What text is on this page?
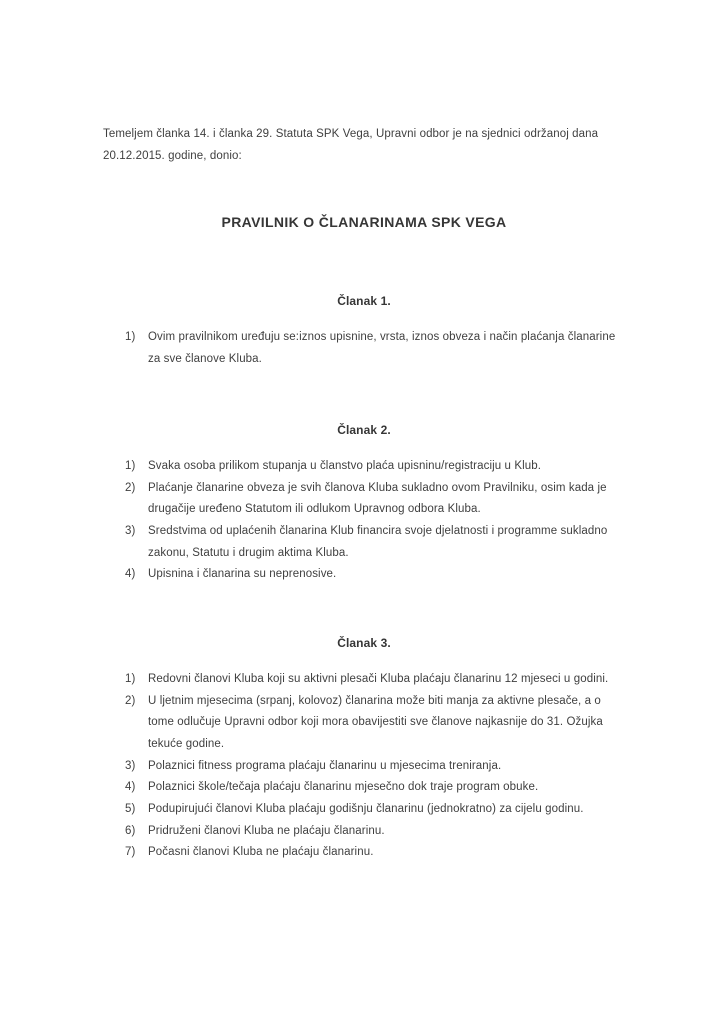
Temeljem članka 14. i članka 29. Statuta SPK Vega, Upravni odbor je na sjednici održanoj dana 20.12.2015. godine, donio:

PRAVILNIK O ČLANARINAMA SPK VEGA
Članak 1.
1)	Ovim pravilnikom uređuju se:iznos upisnine, vrsta, iznos obveza i način plaćanja članarine za sve članove Kluba.
Članak 2.
1)	Svaka osoba prilikom stupanja u članstvo plaća upisninu/registraciju u Klub.
2)	Plaćanje članarine obveza je svih članova Kluba sukladno ovom Pravilniku, osim kada je drugačije uređeno Statutom ili odlukom Upravnog odbora Kluba.
3)	Sredstvima od uplaćenih članarina Klub financira svoje djelatnosti i programme sukladno zakonu, Statutu i drugim aktima Kluba.
4)	Upisnina i članarina su neprenosive.
Članak 3.
1)	Redovni članovi Kluba koji su aktivni plesači Kluba plaćaju članarinu 12 mjeseci u godini.
2)	U ljetnim mjesecima (srpanj, kolovoz) članarina može biti manja za aktivne plesače, a o tome odlučuje Upravni odbor koji mora obavijestiti sve članove najkasnije do 31. Ožujka tekuće godine.
3)	Polaznici fitness programa plaćaju članarinu u mjesecima treniranja.
4)	Polaznici škole/tečaja plaćaju članarinu mjesečno dok traje program obuke.
5)	Podupirujući članovi Kluba plaćaju godišnju članarinu (jednokratno) za cijelu godinu.
6)	Pridruženi članovi Kluba ne plaćaju članarinu.
7)	Počasni članovi Kluba ne plaćaju članarinu.
